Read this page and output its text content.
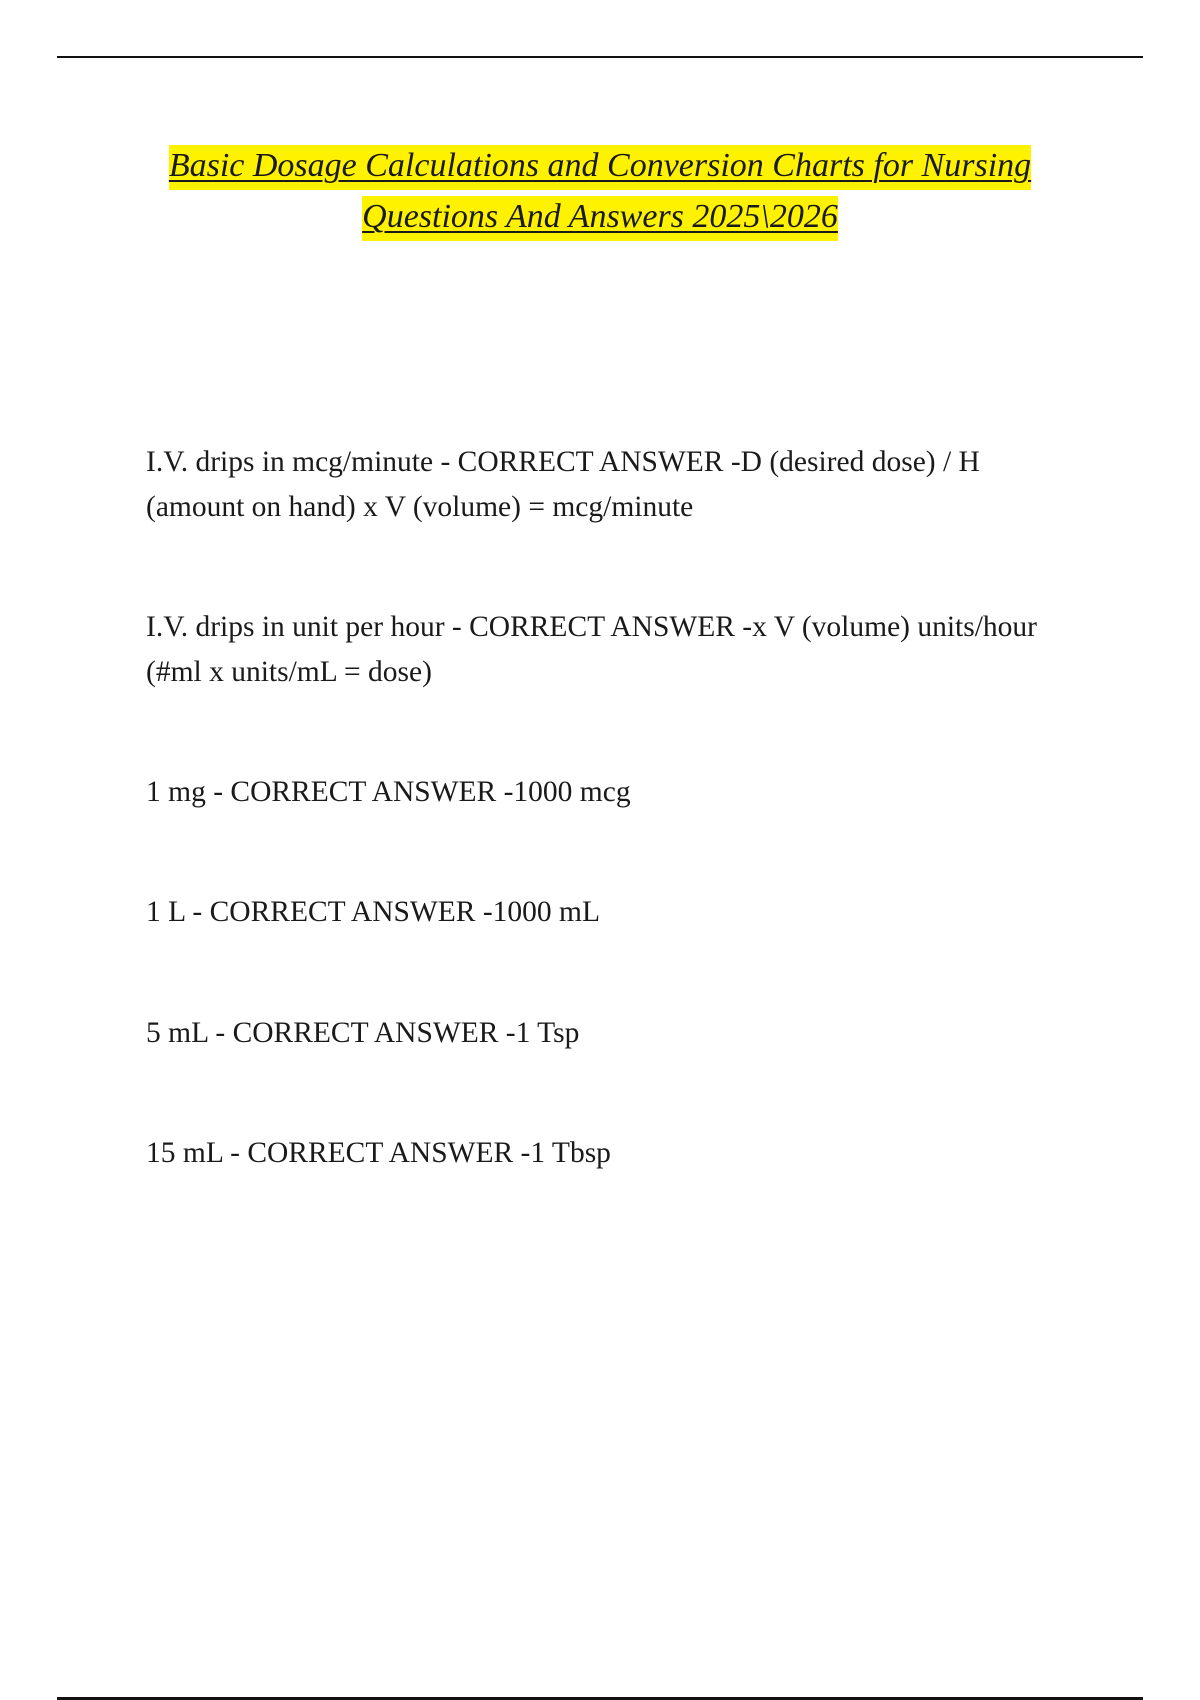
Basic Dosage Calculations and Conversion Charts for Nursing
Questions And Answers 2025\2026

I.V. drips in mcg/minute - CORRECT ANSWER -D (desired dose) / H (amount on hand) x V (volume) = mcg/minute

I.V. drips in unit per hour - CORRECT ANSWER -x V (volume) units/hour (#ml x units/mL = dose)

1 mg - CORRECT ANSWER -1000 mcg

1 L - CORRECT ANSWER -1000 mL

5 mL - CORRECT ANSWER -1 Tsp

15 mL - CORRECT ANSWER -1 Tbsp
